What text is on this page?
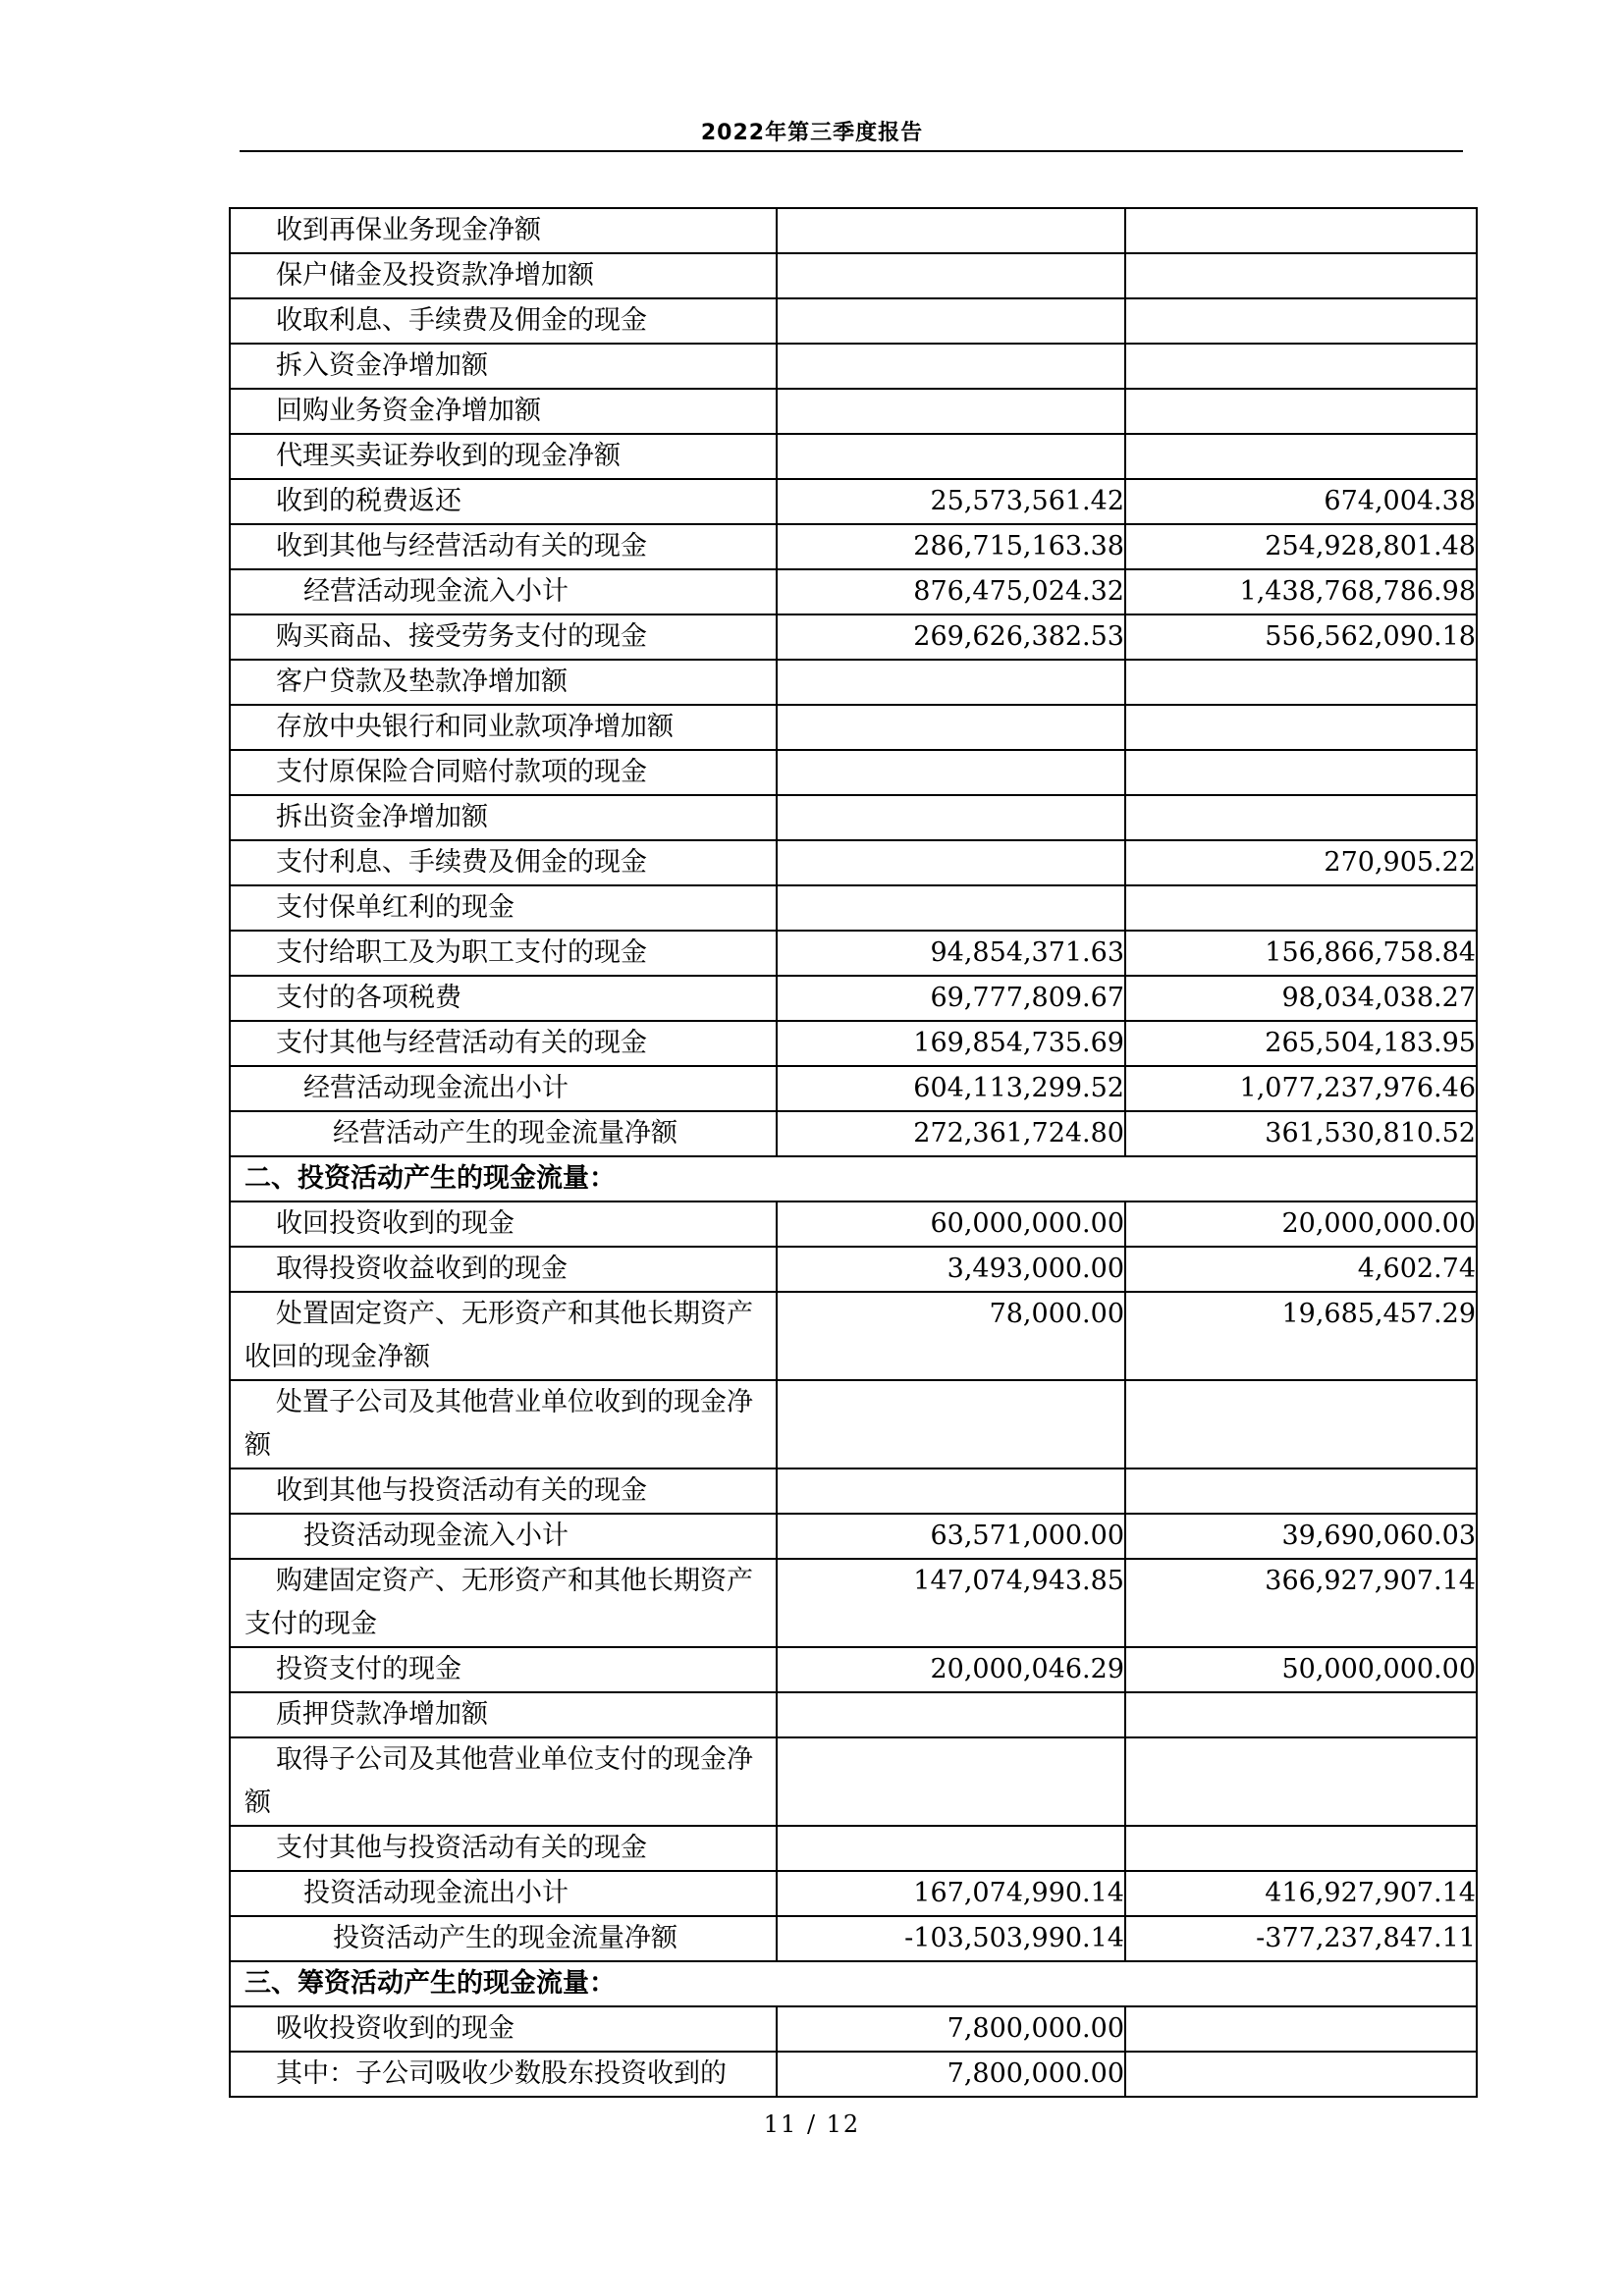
2022年第三季度报告
收到再保业务现金净额		
保户储金及投资款净增加额		
收取利息、手续费及佣金的现金		
拆入资金净增加额		
回购业务资金净增加额		
代理买卖证券收到的现金净额		
收到的税费返还	25,573,561.42	674,004.38
收到其他与经营活动有关的现金	286,715,163.38	254,928,801.48
经营活动现金流入小计	876,475,024.32	1,438,768,786.98
购买商品、接受劳务支付的现金	269,626,382.53	556,562,090.18
客户贷款及垫款净增加额		
存放中央银行和同业款项净增加额		
支付原保险合同赔付款项的现金		
拆出资金净增加额		
支付利息、手续费及佣金的现金		270,905.22
支付保单红利的现金		
支付给职工及为职工支付的现金	94,854,371.63	156,866,758.84
支付的各项税费	69,777,809.67	98,034,038.27
支付其他与经营活动有关的现金	169,854,735.69	265,504,183.95
经营活动现金流出小计	604,113,299.52	1,077,237,976.46
经营活动产生的现金流量净额	272,361,724.80	361,530,810.52
二、投资活动产生的现金流量：		
收回投资收到的现金	60,000,000.00	20,000,000.00
取得投资收益收到的现金	3,493,000.00	4,602.74
处置固定资产、无形资产和其他长期资产收回的现金净额	78,000.00	19,685,457.29
处置子公司及其他营业单位收到的现金净额		
收到其他与投资活动有关的现金		
投资活动现金流入小计	63,571,000.00	39,690,060.03
购建固定资产、无形资产和其他长期资产支付的现金	147,074,943.85	366,927,907.14
投资支付的现金	20,000,046.29	50,000,000.00
质押贷款净增加额		
取得子公司及其他营业单位支付的现金净额		
支付其他与投资活动有关的现金		
投资活动现金流出小计	167,074,990.14	416,927,907.14
投资活动产生的现金流量净额	-103,503,990.14	-377,237,847.11
三、筹资活动产生的现金流量：		
吸收投资收到的现金	7,800,000.00	
其中：子公司吸收少数股东投资收到的	7,800,000.00	
11 / 12
